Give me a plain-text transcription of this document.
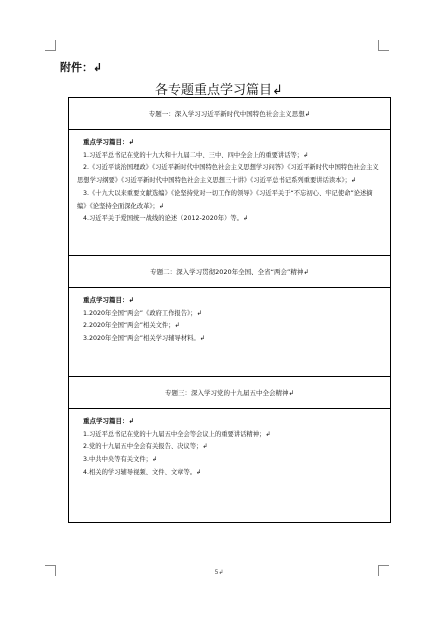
附件：↲
各专题重点学习篇目↲
专题一：深入学习习近平新时代中国特色社会主义思想↲

重点学习篇目：↲
1.习近平总书记在党的十九大和十九届二中、三中、四中全会上的重要讲话等；↲
2.《习近平谈治国理政》《习近平新时代中国特色社会主义思想学习问答》《习近平新时代中国特色社会主义思想学习纲要》《习近平新时代中国特色社会主义思想三十讲》《习近平总书记系列重要讲话读本》；↲
3.《十九大以来重要文献选编》《论坚持党对一切工作的领导》《习近平关于“不忘初心、牢记使命”论述摘编》《论坚持全面深化改革》；↲
4.习近平关于爱国统一战线的论述（2012-2020年）等。↲

专题二：深入学习贯彻2020年全国、全省“两会”精神↲

重点学习篇目：↲
1.2020年全国“两会”《政府工作报告》；↲
2.2020年全国“两会”相关文件；↲
3.2020年全国“两会”相关学习辅导材料。↲

专题三：深入学习党的十九届五中全会精神↲

重点学习篇目：↲
1.习近平总书记在党的十九届五中全会等会议上的重要讲话精神；↲
2.党的十九届五中全会有关报告、决议等；↲
3.中共中央等有关文件；↲
4.相关的学习辅导视频、文件、文章等。↲
5↲
